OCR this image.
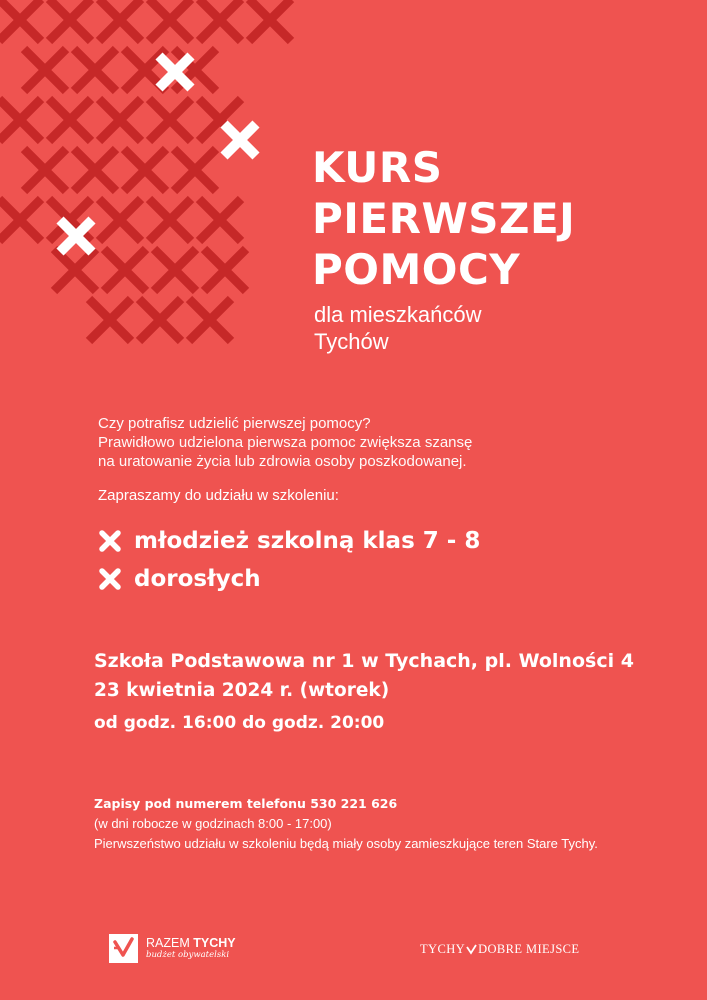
KURS
PIERWSZEJ
POMOCY
dla mieszkańców
Tychów
Czy potrafisz udzielić pierwszej pomocy?
Prawidłowo udzielona pierwsza pomoc zwiększa szansę
na uratowanie życia lub zdrowia osoby poszkodowanej.
Zapraszamy do udziału w szkoleniu:
młodzież szkolną klas 7 - 8
dorosłych
Szkoła Podstawowa nr 1 w Tychach, pl. Wolności 4
23 kwietnia 2024 r. (wtorek)
od godz. 16:00 do godz. 20:00
Zapisy pod numerem telefonu 530 221 626
(w dni robocze w godzinach 8:00 - 17:00)
Pierwszeństwo udziału w szkoleniu będą miały osoby zamieszkujące teren Stare Tychy.
RAZEM TYCHY
budżet obywatelski	TYCHY DOBRE MIEJSCE
